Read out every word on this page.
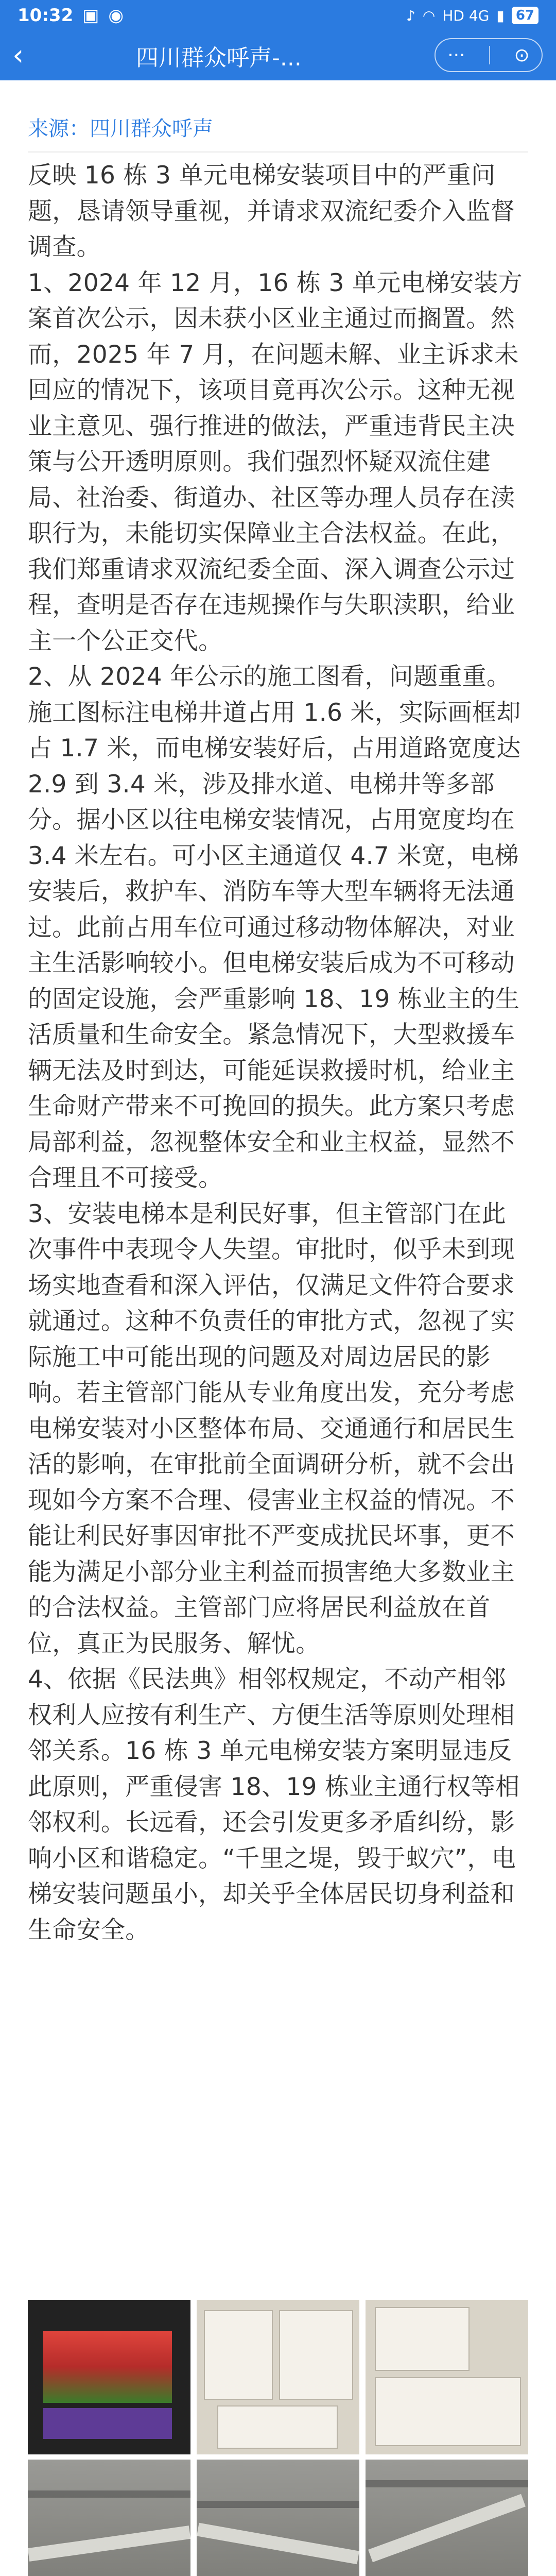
10:32 ▣ ◉	♪ ◠ HD 4G ▮ 67
‹	四川群众呼声-...	···	⊙
来源：四川群众呼声
反映 16 栋 3 单元电梯安装项目中的严重问题，恳请领导重视，并请求双流纪委介入监督调查。
1、2024 年 12 月，16 栋 3 单元电梯安装方案首次公示，因未获小区业主通过而搁置。然而，2025 年 7 月，在问题未解、业主诉求未回应的情况下，该项目竟再次公示。这种无视业主意见、强行推进的做法，严重违背民主决策与公开透明原则。我们强烈怀疑双流住建局、社治委、街道办、社区等办理人员存在渎职行为，未能切实保障业主合法权益。在此，我们郑重请求双流纪委全面、深入调查公示过程，查明是否存在违规操作与失职渎职，给业主一个公正交代。
2、从 2024 年公示的施工图看，问题重重。施工图标注电梯井道占用 1.6 米，实际画框却占 1.7 米，而电梯安装好后，占用道路宽度达 2.9 到 3.4 米，涉及排水道、电梯井等多部分。据小区以往电梯安装情况，占用宽度均在 3.4 米左右。可小区主通道仅 4.7 米宽，电梯安装后，救护车、消防车等大型车辆将无法通过。此前占用车位可通过移动物体解决，对业主生活影响较小。但电梯安装后成为不可移动的固定设施，会严重影响 18、19 栋业主的生活质量和生命安全。紧急情况下，大型救援车辆无法及时到达，可能延误救援时机，给业主生命财产带来不可挽回的损失。此方案只考虑局部利益，忽视整体安全和业主权益，显然不合理且不可接受。
3、安装电梯本是利民好事，但主管部门在此次事件中表现令人失望。审批时，似乎未到现场实地查看和深入评估，仅满足文件符合要求就通过。这种不负责任的审批方式，忽视了实际施工中可能出现的问题及对周边居民的影响。若主管部门能从专业角度出发，充分考虑电梯安装对小区整体布局、交通通行和居民生活的影响，在审批前全面调研分析，就不会出现如今方案不合理、侵害业主权益的情况。不能让利民好事因审批不严变成扰民坏事，更不能为满足小部分业主利益而损害绝大多数业主的合法权益。主管部门应将居民利益放在首位，真正为民服务、解忧。
4、依据《民法典》相邻权规定，不动产相邻权利人应按有利生产、方便生活等原则处理相邻关系。16 栋 3 单元电梯安装方案明显违反此原则，严重侵害 18、19 栋业主通行权等相邻权利。长远看，还会引发更多矛盾纠纷，影响小区和谐稳定。“千里之堤，毁于蚁穴”，电梯安装问题虽小，却关乎全体居民切身利益和生命安全。
